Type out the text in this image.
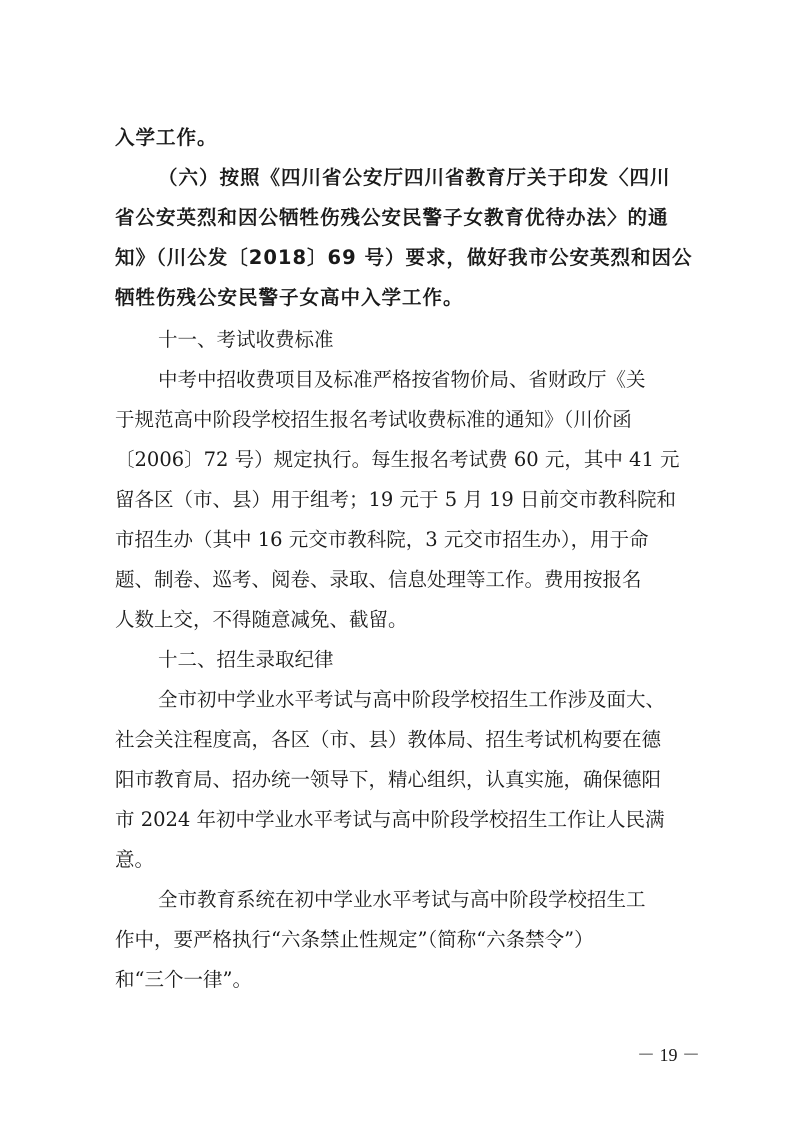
入学工作。
（六）按照《四川省公安厅四川省教育厅关于印发〈四川
省公安英烈和因公牺牲伤残公安民警子女教育优待办法〉的通
知》（川公发〔2018〕69 号）要求，做好我市公安英烈和因公
牺牲伤残公安民警子女高中入学工作。
十一、考试收费标准
中考中招收费项目及标准严格按省物价局、省财政厅《关
于规范高中阶段学校招生报名考试收费标准的通知》（川价函
〔2006〕72 号）规定执行。每生报名考试费 60 元，其中 41 元
留各区（市、县）用于组考；19 元于 5 月 19 日前交市教科院和
市招生办（其中 16 元交市教科院，3 元交市招生办），用于命
题、制卷、巡考、阅卷、录取、信息处理等工作。费用按报名
人数上交，不得随意减免、截留。
十二、招生录取纪律
全市初中学业水平考试与高中阶段学校招生工作涉及面大、
社会关注程度高，各区（市、县）教体局、招生考试机构要在德
阳市教育局、招办统一领导下，精心组织，认真实施，确保德阳
市 2024 年初中学业水平考试与高中阶段学校招生工作让人民满
意。
全市教育系统在初中学业水平考试与高中阶段学校招生工
作中，要严格执行“六条禁止性规定”（简称“六条禁令”）
和“三个一律”。
－ 19 －
